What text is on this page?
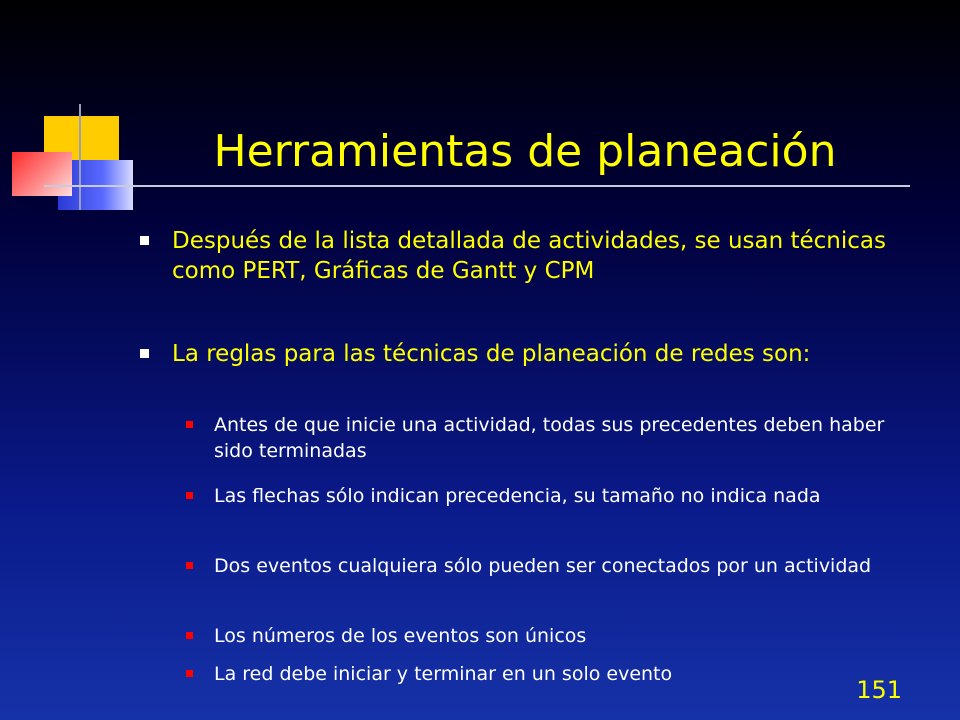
Herramientas de planeación
Después de la lista detallada de actividades, se usan técnicas como PERT, Gráficas de Gantt y CPM
La reglas para las técnicas de planeación de redes son:
Antes de que inicie una actividad, todas sus precedentes deben haber sido terminadas
Las flechas sólo indican precedencia, su tamaño no indica nada
Dos eventos cualquiera sólo pueden ser conectados por un actividad
Los números de los eventos son únicos
La red debe iniciar y terminar en un solo evento
151
